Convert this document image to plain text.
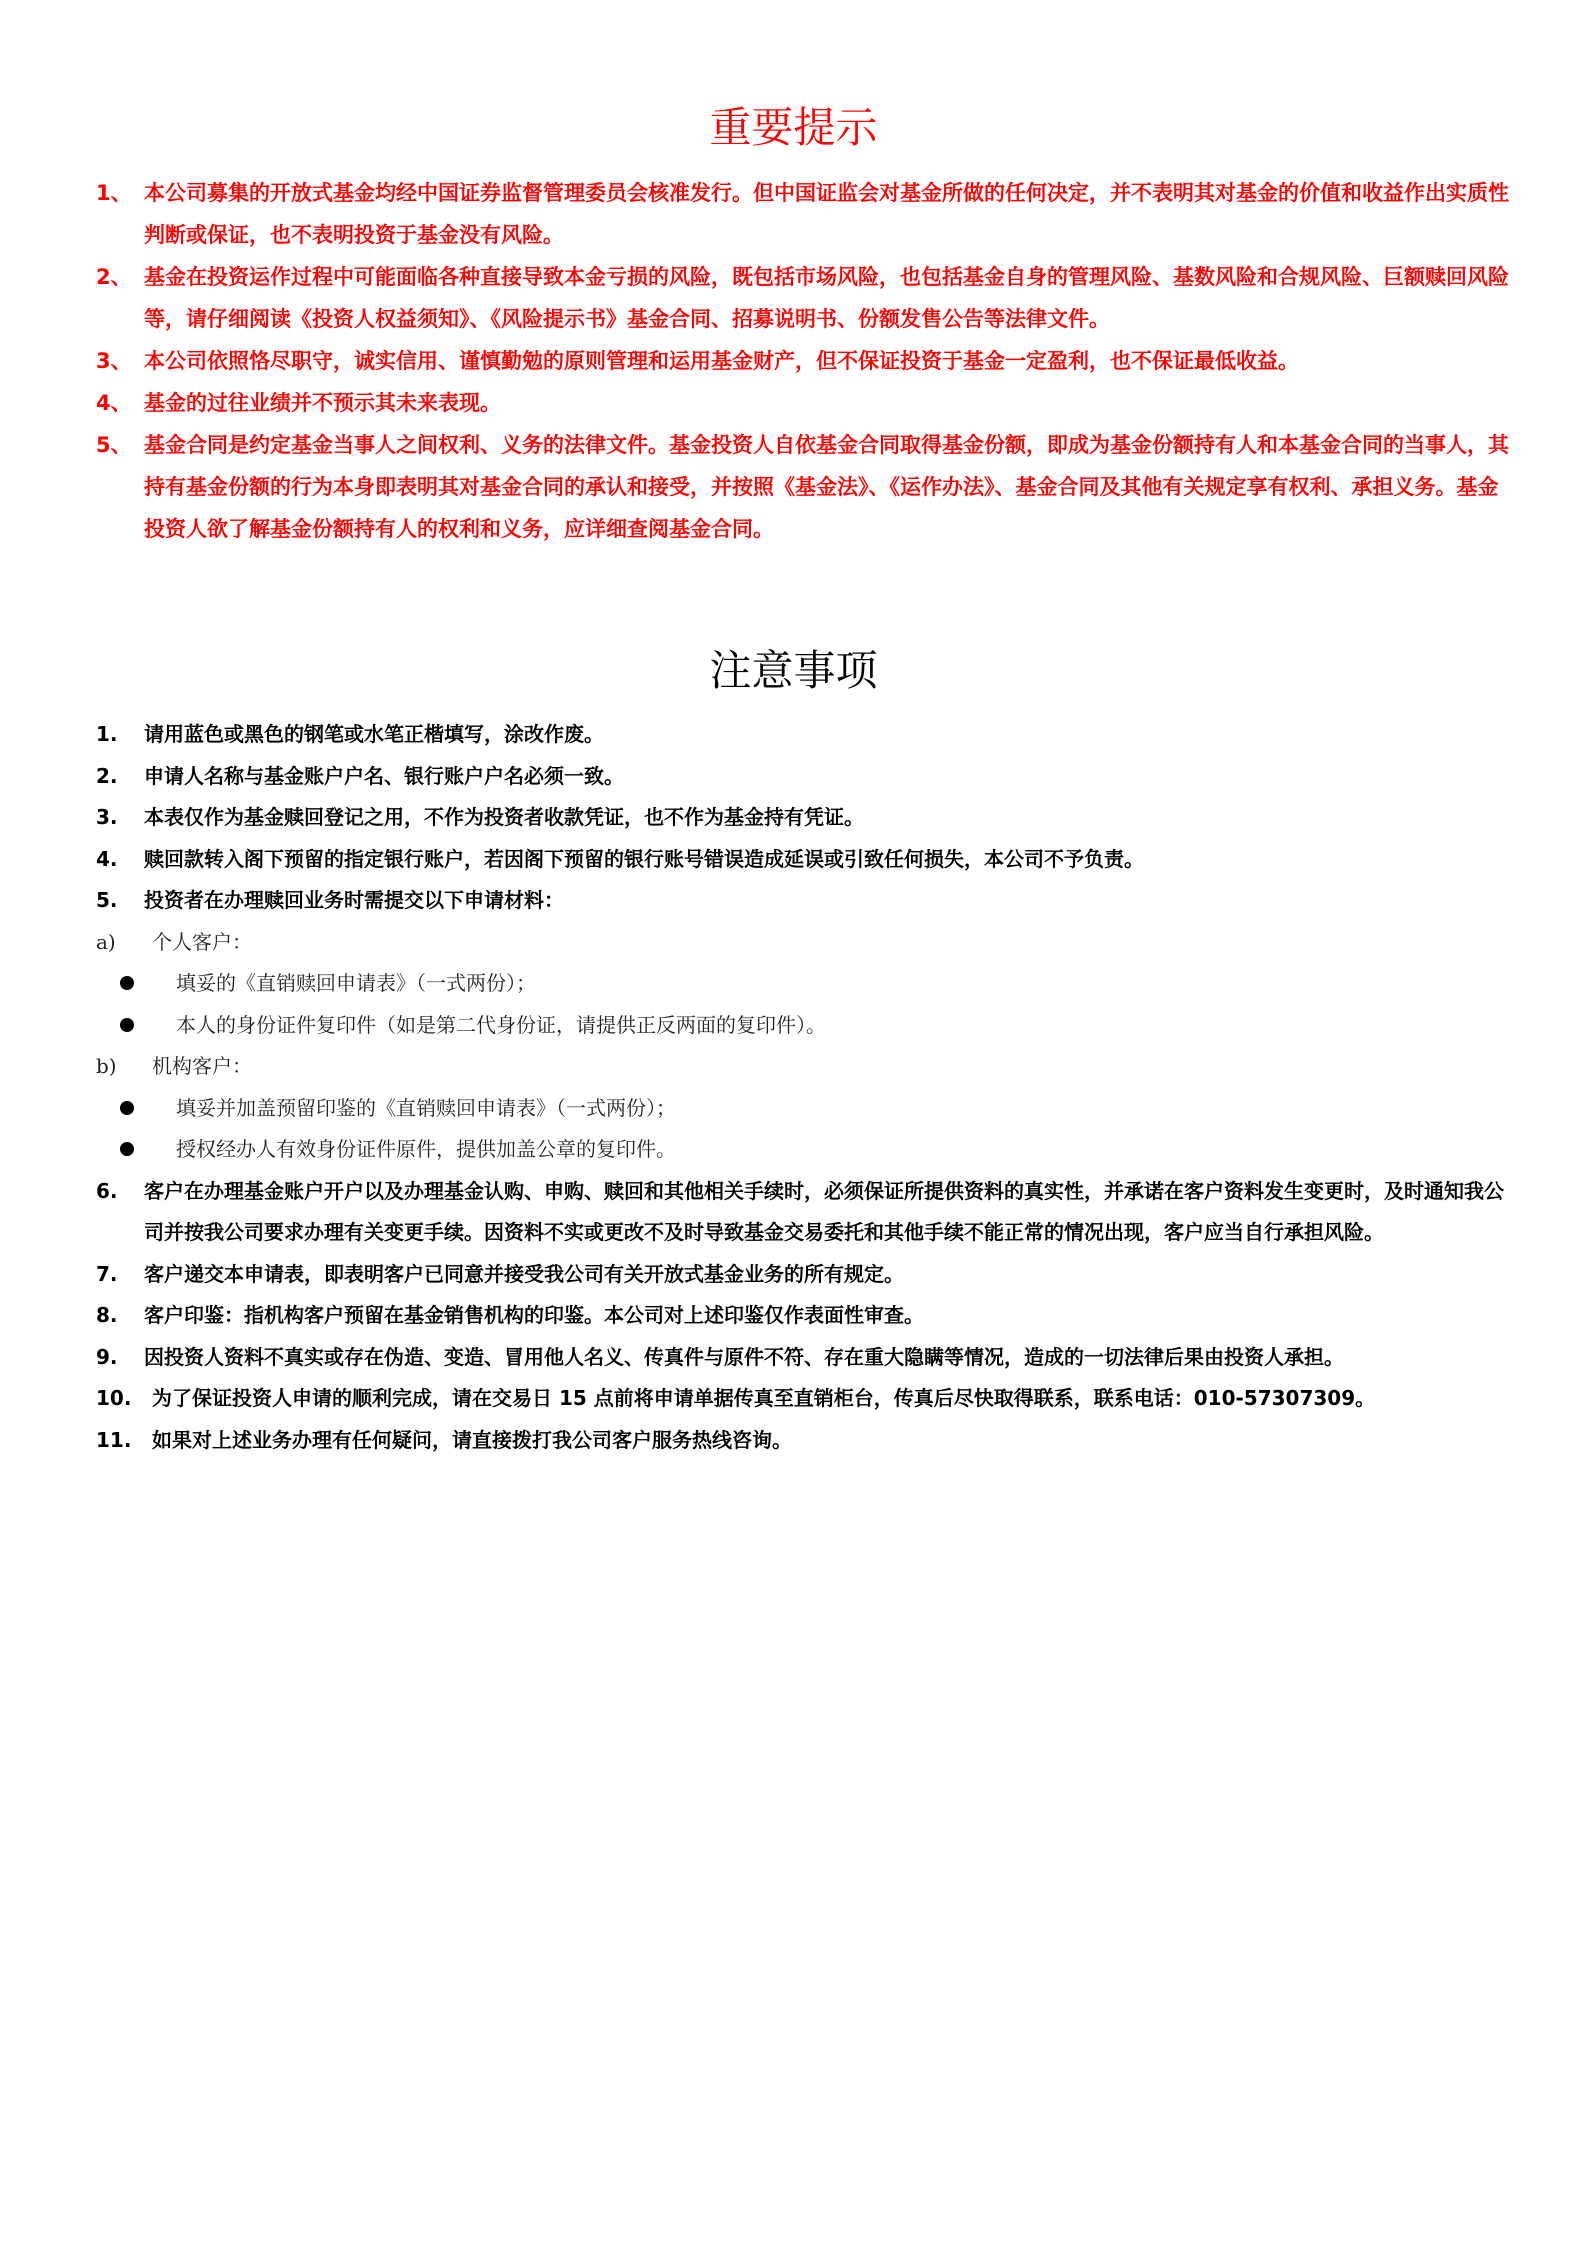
重要提示
1、 本公司募集的开放式基金均经中国证券监督管理委员会核准发行。但中国证监会对基金所做的任何决定，并不表明其对基金的价值和收益作出实质性判断或保证，也不表明投资于基金没有风险。
2、 基金在投资运作过程中可能面临各种直接导致本金亏损的风险，既包括市场风险，也包括基金自身的管理风险、基数风险和合规风险、巨额赎回风险等，请仔细阅读《投资人权益须知》、《风险提示书》基金合同、招募说明书、份额发售公告等法律文件。
3、 本公司依照恪尽职守，诚实信用、谨慎勤勉的原则管理和运用基金财产，但不保证投资于基金一定盈利，也不保证最低收益。
4、 基金的过往业绩并不预示其未来表现。
5、 基金合同是约定基金当事人之间权利、义务的法律文件。基金投资人自依基金合同取得基金份额，即成为基金份额持有人和本基金合同的当事人，其持有基金份额的行为本身即表明其对基金合同的承认和接受，并按照《基金法》、《运作办法》、基金合同及其他有关规定享有权利、承担义务。基金投资人欲了解基金份额持有人的权利和义务，应详细查阅基金合同。
注意事项
1. 请用蓝色或黑色的钢笔或水笔正楷填写，涂改作废。
2. 申请人名称与基金账户户名、银行账户户名必须一致。
3. 本表仅作为基金赎回登记之用，不作为投资者收款凭证，也不作为基金持有凭证。
4. 赎回款转入阁下预留的指定银行账户，若因阁下预留的银行账号错误造成延误或引致任何损失，本公司不予负责。
5. 投资者在办理赎回业务时需提交以下申请材料：
a) 个人客户：
填妥的《直销赎回申请表》（一式两份）；
本人的身份证件复印件（如是第二代身份证，请提供正反两面的复印件）。
b) 机构客户：
填妥并加盖预留印鉴的《直销赎回申请表》（一式两份）；
授权经办人有效身份证件原件，提供加盖公章的复印件。
6. 客户在办理基金账户开户以及办理基金认购、申购、赎回和其他相关手续时，必须保证所提供资料的真实性，并承诺在客户资料发生变更时，及时通知我公司并按我公司要求办理有关变更手续。因资料不实或更改不及时导致基金交易委托和其他手续不能正常的情况出现，客户应当自行承担风险。
7. 客户递交本申请表，即表明客户已同意并接受我公司有关开放式基金业务的所有规定。
8. 客户印鉴：指机构客户预留在基金销售机构的印鉴。本公司对上述印鉴仅作表面性审查。
9. 因投资人资料不真实或存在伪造、变造、冒用他人名义、传真件与原件不符、存在重大隐瞒等情况，造成的一切法律后果由投资人承担。
10. 为了保证投资人申请的顺利完成，请在交易日 15 点前将申请单据传真至直销柜台，传真后尽快取得联系，联系电话：010-57307309。
11. 如果对上述业务办理有任何疑问，请直接拨打我公司客户服务热线咨询。
